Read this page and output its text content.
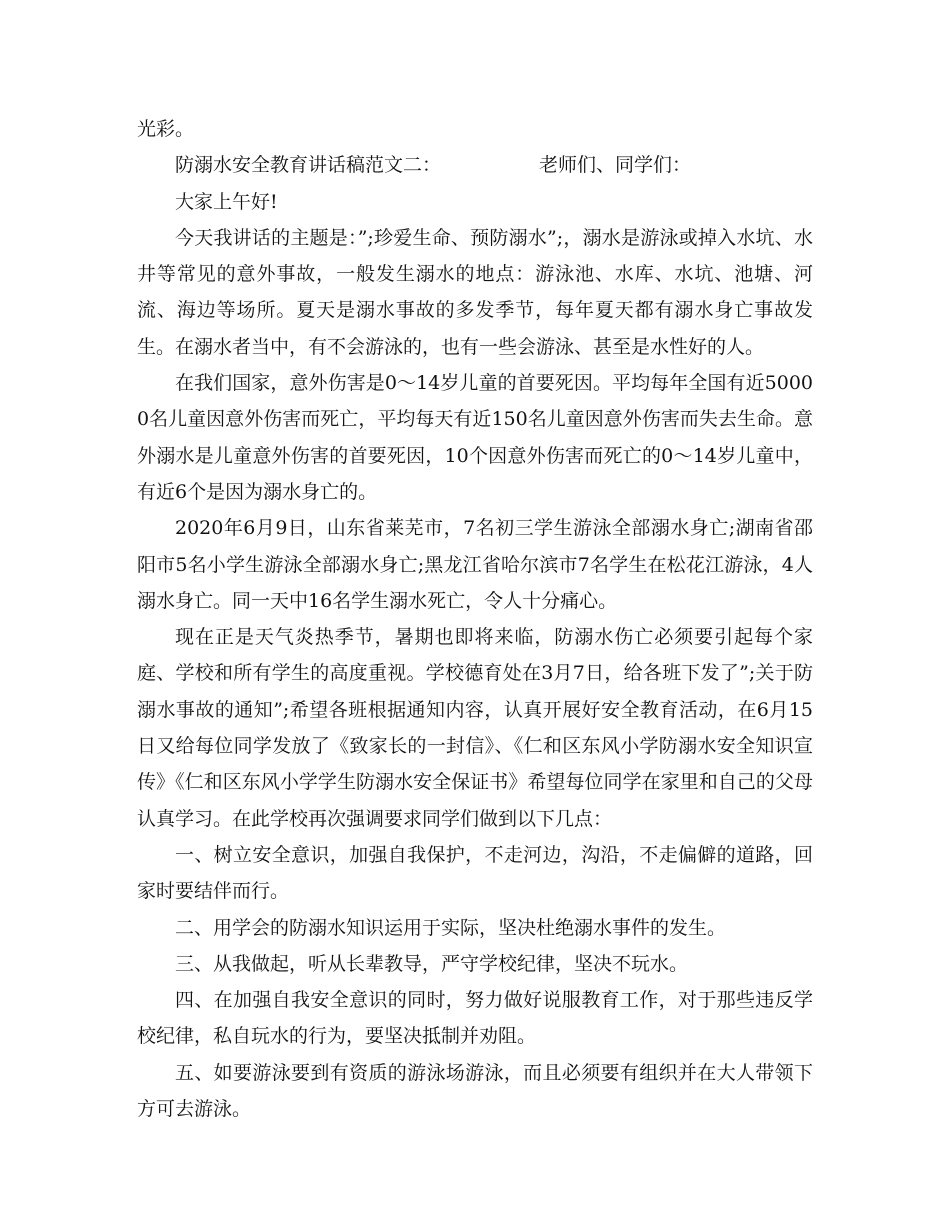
光彩。

防溺水安全教育讲话稿范文二：	老师们、同学们：

大家上午好!

今天我讲话的主题是：”;珍爱生命、预防溺水”;，溺水是游泳或掉入水坑、水井等常见的意外事故，一般发生溺水的地点：游泳池、水库、水坑、池塘、河流、海边等场所。夏天是溺水事故的多发季节，每年夏天都有溺水身亡事故发生。在溺水者当中，有不会游泳的，也有一些会游泳、甚至是水性好的人。

在我们国家，意外伤害是0～14岁儿童的首要死因。平均每年全国有近50000名儿童因意外伤害而死亡，平均每天有近150名儿童因意外伤害而失去生命。意外溺水是儿童意外伤害的首要死因，10个因意外伤害而死亡的0～14岁儿童中，有近6个是因为溺水身亡的。

2020年6月9日，山东省莱芜市，7名初三学生游泳全部溺水身亡;湖南省邵阳市5名小学生游泳全部溺水身亡;黑龙江省哈尔滨市7名学生在松花江游泳，4人溺水身亡。同一天中16名学生溺水死亡，令人十分痛心。

现在正是天气炎热季节，暑期也即将来临，防溺水伤亡必须要引起每个家庭、学校和所有学生的高度重视。学校德育处在3月7日，给各班下发了”;关于防溺水事故的通知”;希望各班根据通知内容，认真开展好安全教育活动，在6月15日又给每位同学发放了《致家长的一封信》、《仁和区东风小学防溺水安全知识宣传》《仁和区东风小学学生防溺水安全保证书》希望每位同学在家里和自己的父母认真学习。在此学校再次强调要求同学们做到以下几点：

一、树立安全意识，加强自我保护，不走河边，沟沿，不走偏僻的道路，回家时要结伴而行。

二、用学会的防溺水知识运用于实际，坚决杜绝溺水事件的发生。

三、从我做起，听从长辈教导，严守学校纪律，坚决不玩水。

四、在加强自我安全意识的同时，努力做好说服教育工作，对于那些违反学校纪律，私自玩水的行为，要坚决抵制并劝阻。

五、如要游泳要到有资质的游泳场游泳，而且必须要有组织并在大人带领下方可去游泳。
